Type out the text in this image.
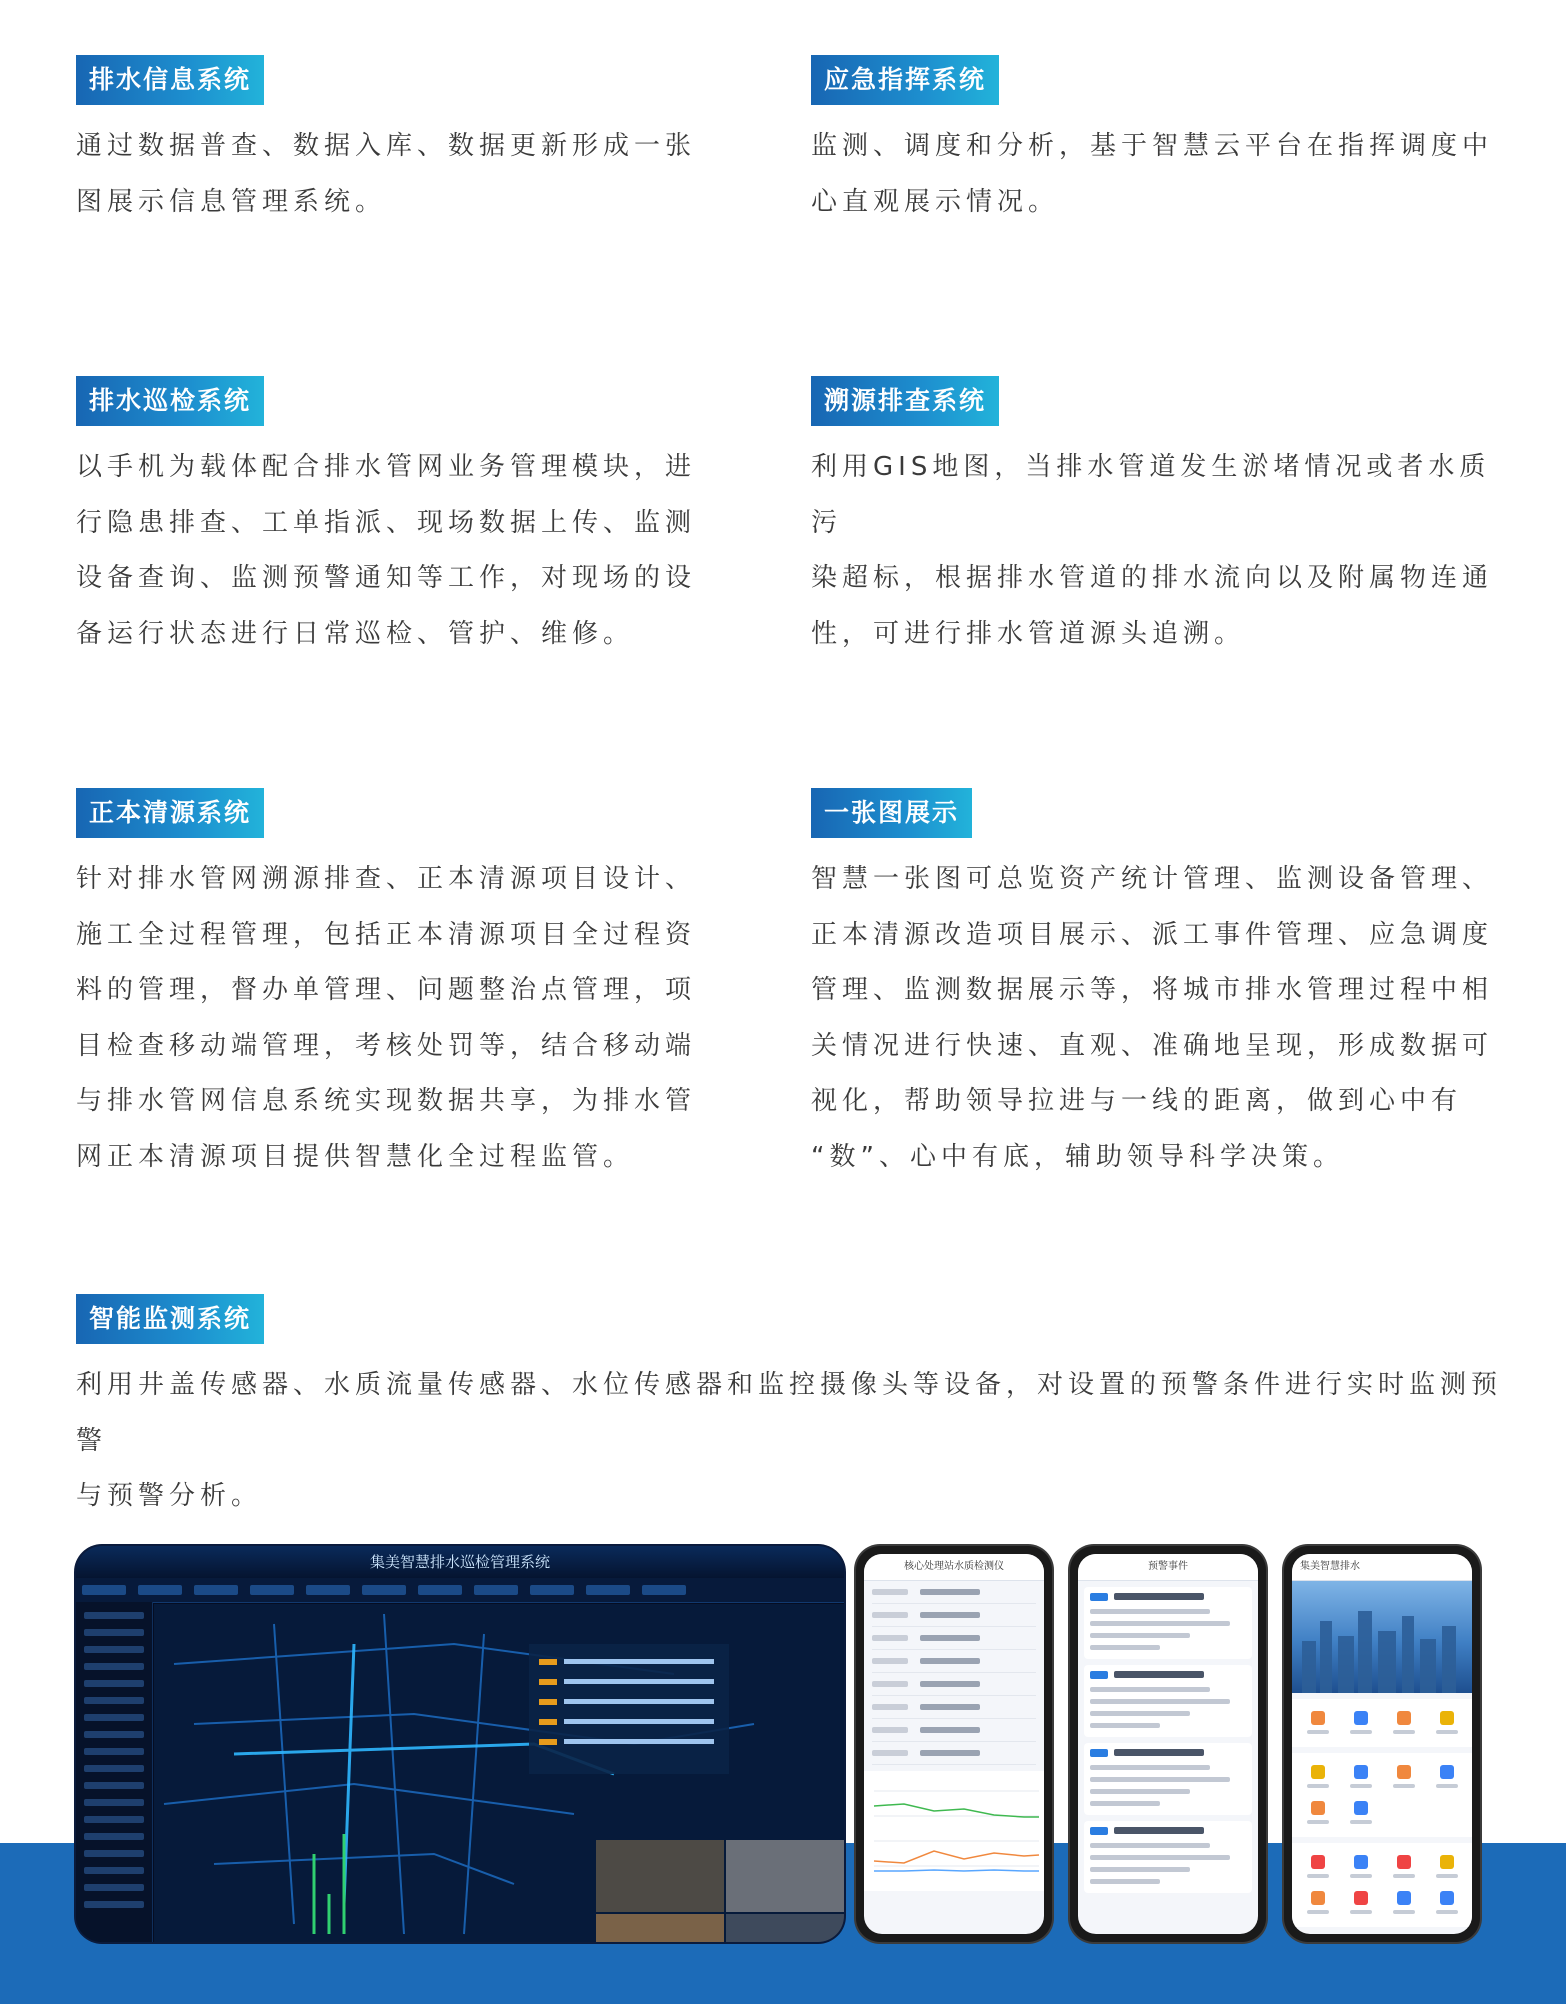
排水信息系统

通过数据普查、数据入库、数据更新形成一张
图展示信息管理系统。

应急指挥系统

监测、调度和分析，基于智慧云平台在指挥调度中
心直观展示情况。

排水巡检系统

以手机为载体配合排水管网业务管理模块，进
行隐患排查、工单指派、现场数据上传、监测
设备查询、监测预警通知等工作，对现场的设
备运行状态进行日常巡检、管护、维修。

溯源排查系统

利用GIS地图，当排水管道发生淤堵情况或者水质污
染超标，根据排水管道的排水流向以及附属物连通
性，可进行排水管道源头追溯。

正本清源系统

针对排水管网溯源排查、正本清源项目设计、
施工全过程管理，包括正本清源项目全过程资
料的管理，督办单管理、问题整治点管理，项
目检查移动端管理，考核处罚等，结合移动端
与排水管网信息系统实现数据共享，为排水管
网正本清源项目提供智慧化全过程监管。

一张图展示

智慧一张图可总览资产统计管理、监测设备管理、
正本清源改造项目展示、派工事件管理、应急调度
管理、监测数据展示等，将城市排水管理过程中相
关情况进行快速、直观、准确地呈现，形成数据可
视化，帮助领导拉进与一线的距离，做到心中有
“数”、心中有底，辅助领导科学决策。

智能监测系统

利用井盖传感器、水质流量传感器、水位传感器和监控摄像头等设备，对设置的预警条件进行实时监测预警
与预警分析。

集美智慧排水巡检管理系统	核心处理站水质检测仪	预警事件	集美智慧排水
